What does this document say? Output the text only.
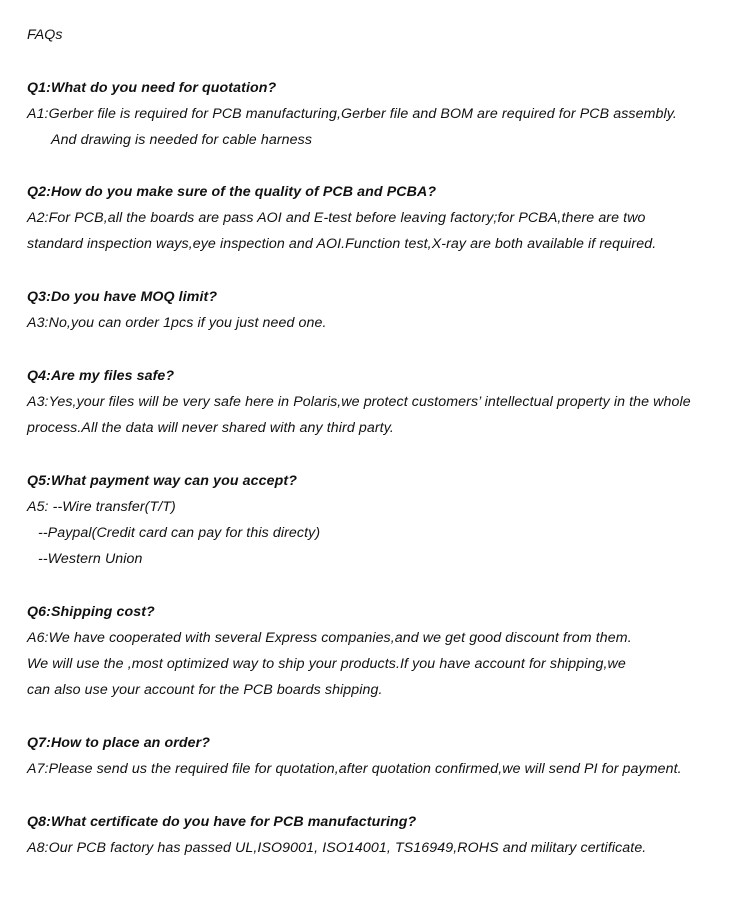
FAQs
Q1:What do you need for quotation?
A1:Gerber file is required for PCB manufacturing,Gerber file and BOM are required for PCB assembly.
And drawing is needed for cable harness
Q2:How do you make sure of the quality of PCB and PCBA?
A2:For PCB,all the boards are pass AOI and E-test before leaving factory;for PCBA,there are two
standard inspection ways,eye inspection and AOI.Function test,X-ray are both available if required.
Q3:Do you have MOQ limit?
A3:No,you can order 1pcs if you just need one.
Q4:Are my files safe?
A3:Yes,your files will be very safe here in Polaris,we protect customers’ intellectual property in the whole
process.All the data will never shared with any third party.
Q5:What payment way can you accept?
A5: --Wire transfer(T/T)
--Paypal(Credit card can pay for this directy)
--Western Union
Q6:Shipping cost?
A6:We have cooperated with several Express companies,and we get good discount from them.
We will use the ,most optimized way to ship your products.If you have account for shipping,we
can also use your account for the PCB boards shipping.
Q7:How to place an order?
A7:Please send us the required file for quotation,after quotation confirmed,we will send PI for payment.
Q8:What certificate do you have for PCB manufacturing?
A8:Our PCB factory has passed UL,ISO9001, ISO14001, TS16949,ROHS and military certificate.
